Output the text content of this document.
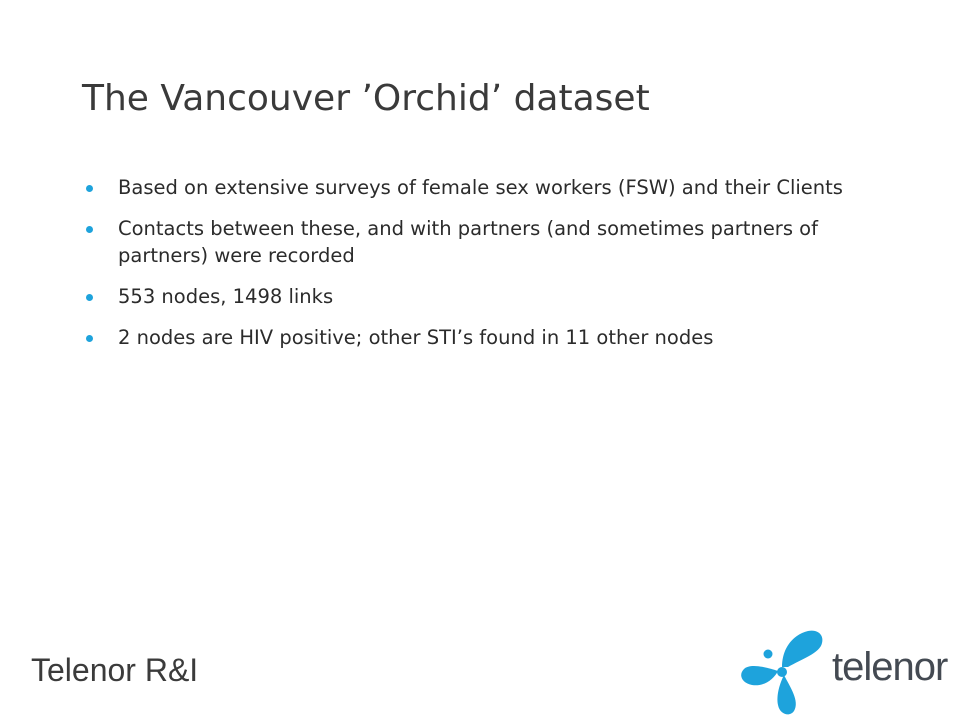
The Vancouver ’Orchid’ dataset
Based on extensive surveys of female sex workers (FSW) and their Clients
Contacts between these, and with partners (and sometimes partners of partners) were recorded
553 nodes, 1498 links
2 nodes are HIV positive; other STI’s found in 11 other nodes
Telenor R&I	telenor
